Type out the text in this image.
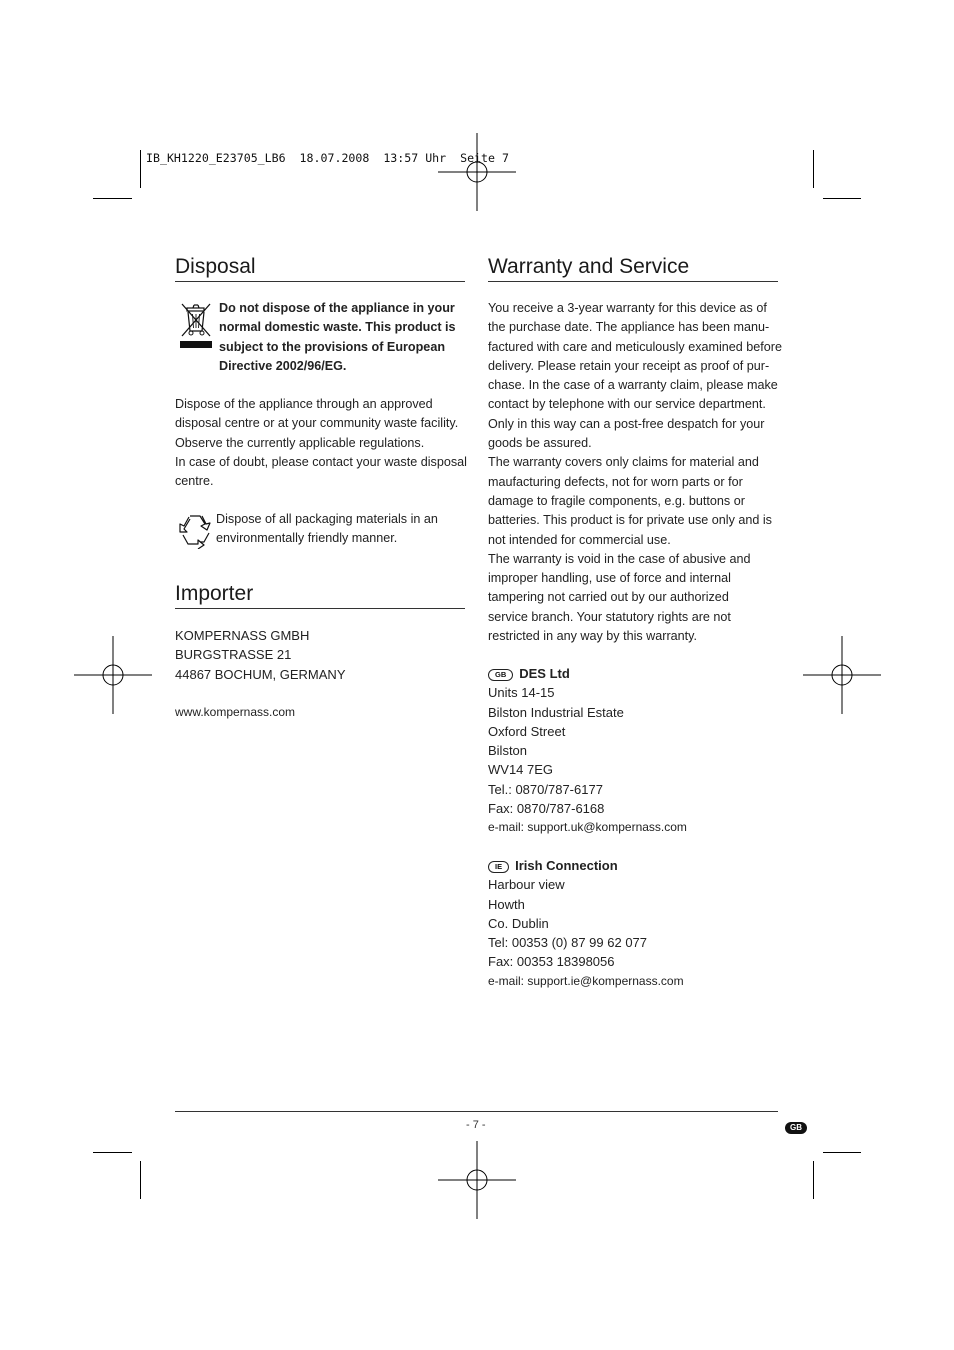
IB_KH1220_E23705_LB6  18.07.2008  13:57 Uhr  Seite 7
Disposal
Do not dispose of the appliance in your
normal domestic waste. This product is
subject to the provisions of European
Directive 2002/96/EG.
Dispose of the appliance through an approved
disposal centre or at your community waste facility.
Observe the currently applicable regulations.
In case of doubt, please contact your waste disposal
centre.
Dispose of all packaging materials in an
environmentally friendly manner.
Importer
KOMPERNASS GMBH
BURGSTRASSE 21
44867 BOCHUM, GERMANY
www.kompernass.com
Warranty and Service
You receive a 3-year warranty for this device as of
the purchase date. The appliance has been manu-
factured with care and meticulously examined before
delivery. Please retain your receipt as proof of pur-
chase. In the case of a warranty claim, please make
contact by telephone with our service department.
Only in this way can a post-free despatch for your
goods be assured.
The warranty covers only claims for material and
maufacturing defects, not for worn parts or for
damage to fragile components, e.g. buttons or
batteries. This product is for private use only and is
not intended for commercial use.
The warranty is void in the case of abusive and
improper handling, use of force and internal
tampering not carried out by our authorized
service branch. Your statutory rights are not
restricted in any way by this warranty.
GB DES Ltd
Units 14-15
Bilston Industrial Estate
Oxford Street
Bilston
WV14 7EG
Tel.: 0870/787-6177
Fax: 0870/787-6168
e-mail: support.uk@kompernass.com
IE Irish Connection
Harbour view
Howth
Co. Dublin
Tel: 00353 (0) 87 99 62 077
Fax: 00353 18398056
e-mail: support.ie@kompernass.com
- 7 -	GB
